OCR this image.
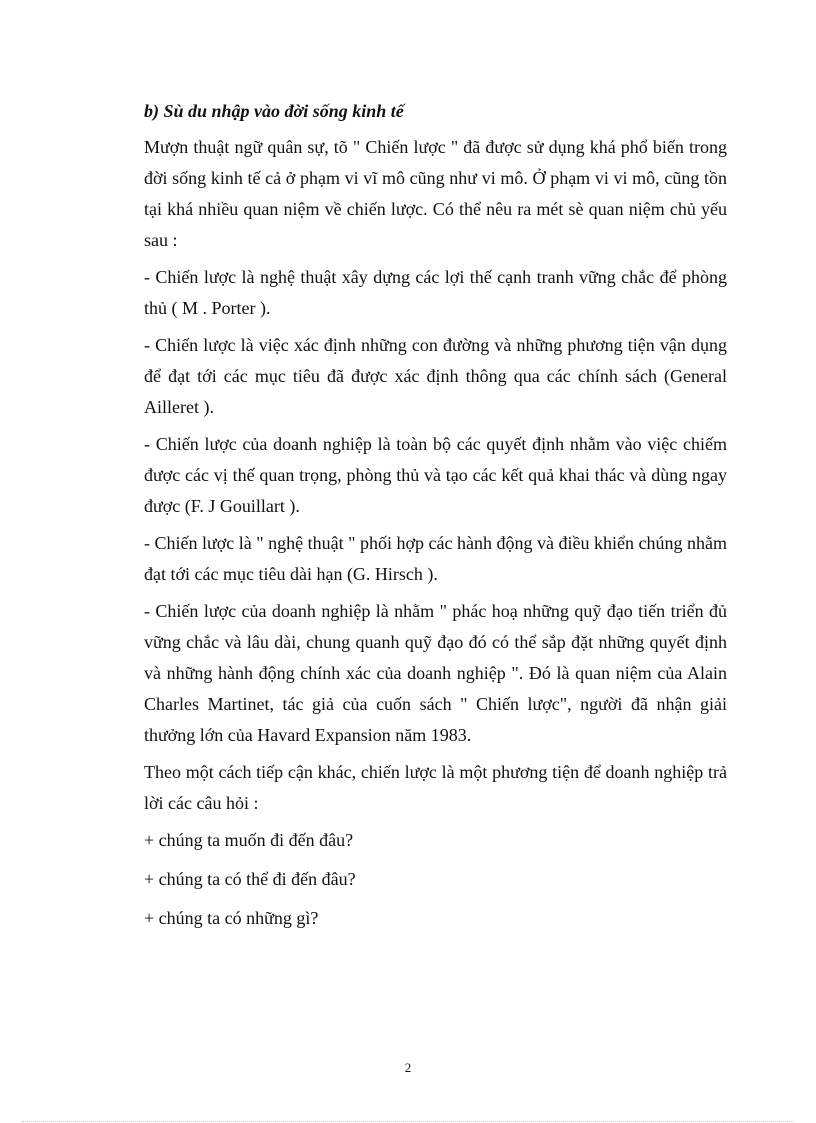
b) Sù du nhập vào đời sống kinh tế

Mượn thuật ngữ quân sự, tõ " Chiến lược " đã được sử dụng khá phổ biến trong đời sống kinh tế cả ở phạm vi vĩ mô cũng như vi mô. Ở phạm vi vi mô, cũng tồn tại khá nhiều quan niệm về chiến lược. Có thể nêu ra mét sè quan niệm chủ yếu sau :

- Chiến lược là nghệ thuật xây dựng các lợi thế cạnh tranh vững chắc để phòng thủ ( M . Porter ).

- Chiến lược là việc xác định những con đường và những phương tiện vận dụng để đạt tới các mục tiêu đã được xác định thông qua các chính sách (General Ailleret ).

- Chiến lược của doanh nghiệp là toàn bộ các quyết định nhằm vào việc chiếm được các vị thế quan trọng, phòng thủ và tạo các kết quả khai thác và dùng ngay được (F. J Gouillart ).

- Chiến lược là " nghệ thuật " phối hợp các hành động và điều khiển chúng nhằm đạt tới các mục tiêu dài hạn (G. Hirsch ).

- Chiến lược của doanh nghiệp là nhằm " phác hoạ những quỹ đạo tiến triển đủ vững chắc và lâu dài, chung quanh quỹ đạo đó có thể sắp đặt những quyết định và những hành động chính xác của doanh nghiệp ". Đó là quan niệm của Alain Charles Martinet, tác giả của cuốn sách " Chiến lược", người đã nhận giải thưởng lớn của Havard Expansion năm 1983.

Theo một cách tiếp cận khác, chiến lược là một phương tiện để doanh nghiệp trả lời các câu hỏi :

+ chúng ta muốn đi đến đâu?

+ chúng ta có thể đi đến đâu?

+ chúng ta có những gì?

2
